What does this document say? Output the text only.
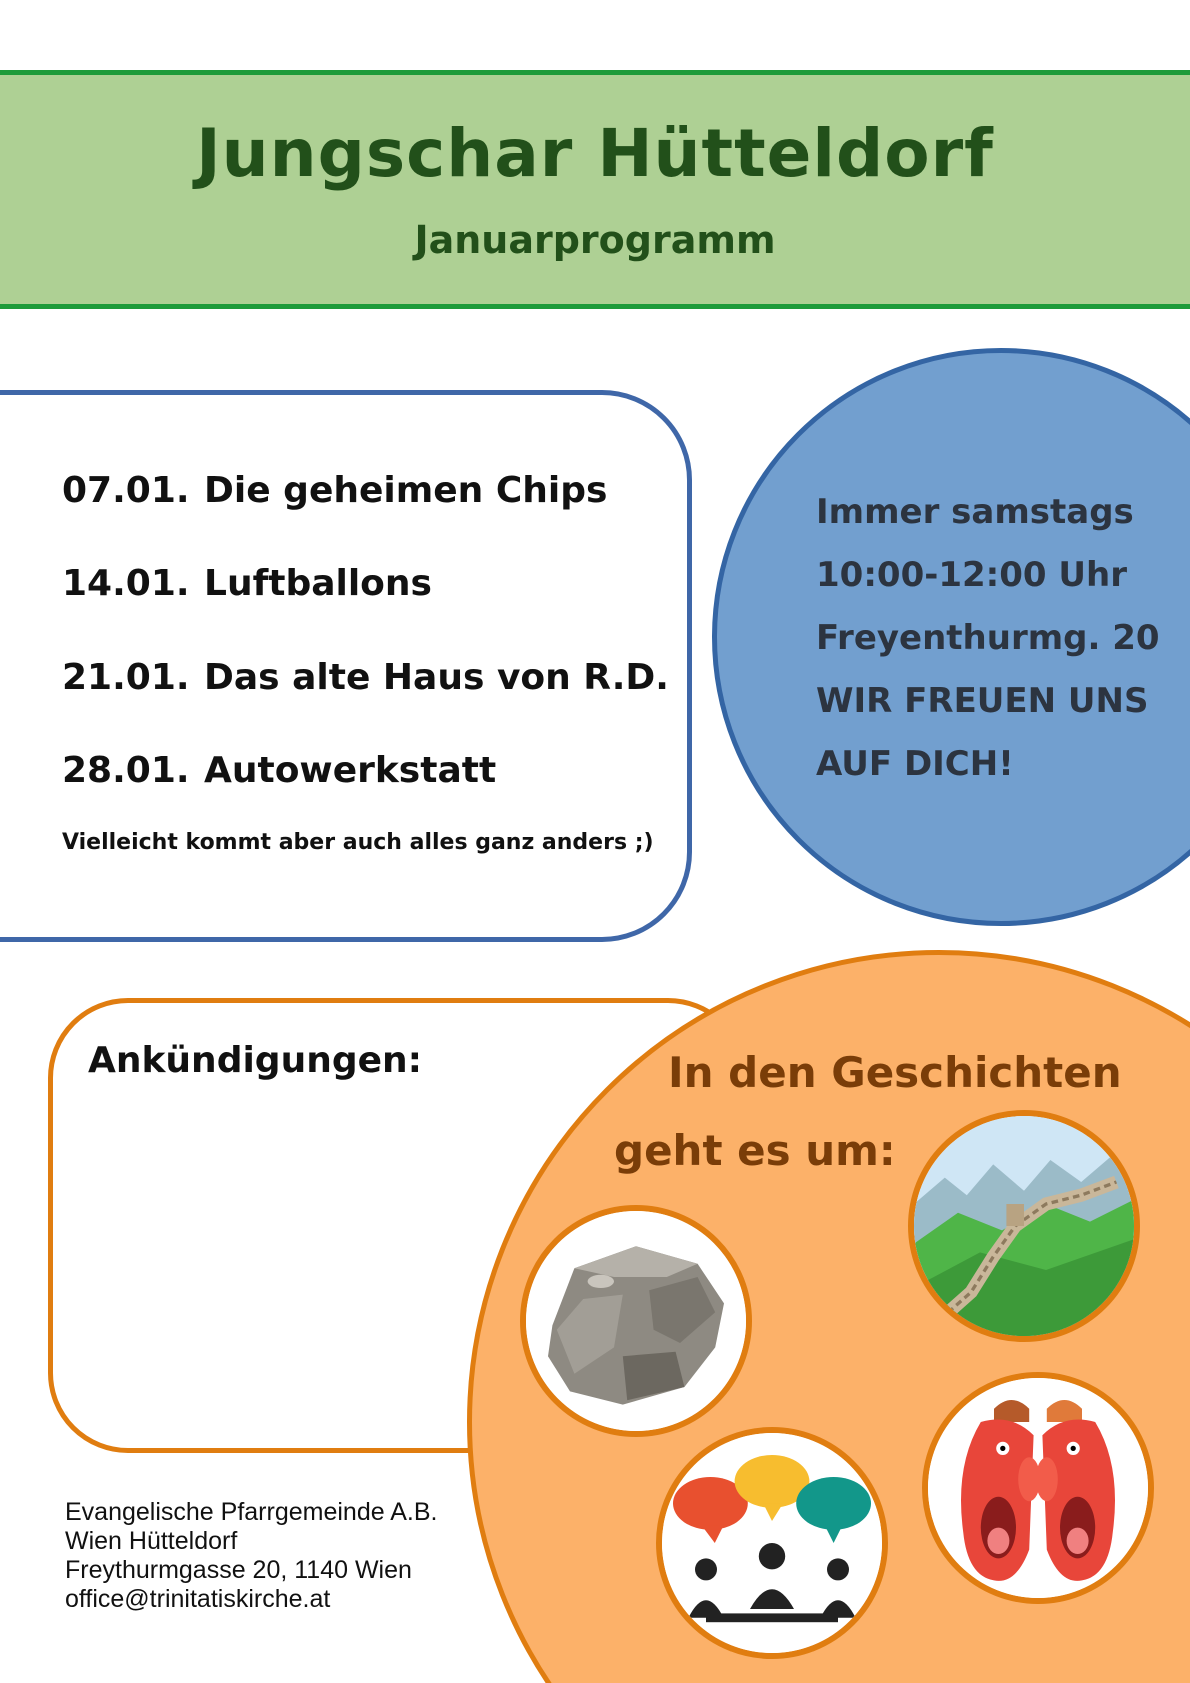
Jungschar Hütteldorf
Januarprogramm
07.01. Die geheimen Chips
14.01. Luftballons
21.01. Das alte Haus von R.D.
28.01. Autowerkstatt
Vielleicht kommt aber auch alles ganz anders ;)
Immer samstags
10:00-12:00 Uhr
Freyenthurmg. 20
WIR FREUEN UNS
AUF DICH!
Ankündigungen:	In den Geschichten
geht es um:
Evangelische Pfarrgemeinde A.B.
Wien Hütteldorf
Freythurmgasse 20, 1140 Wien
office@trinitatiskirche.at
